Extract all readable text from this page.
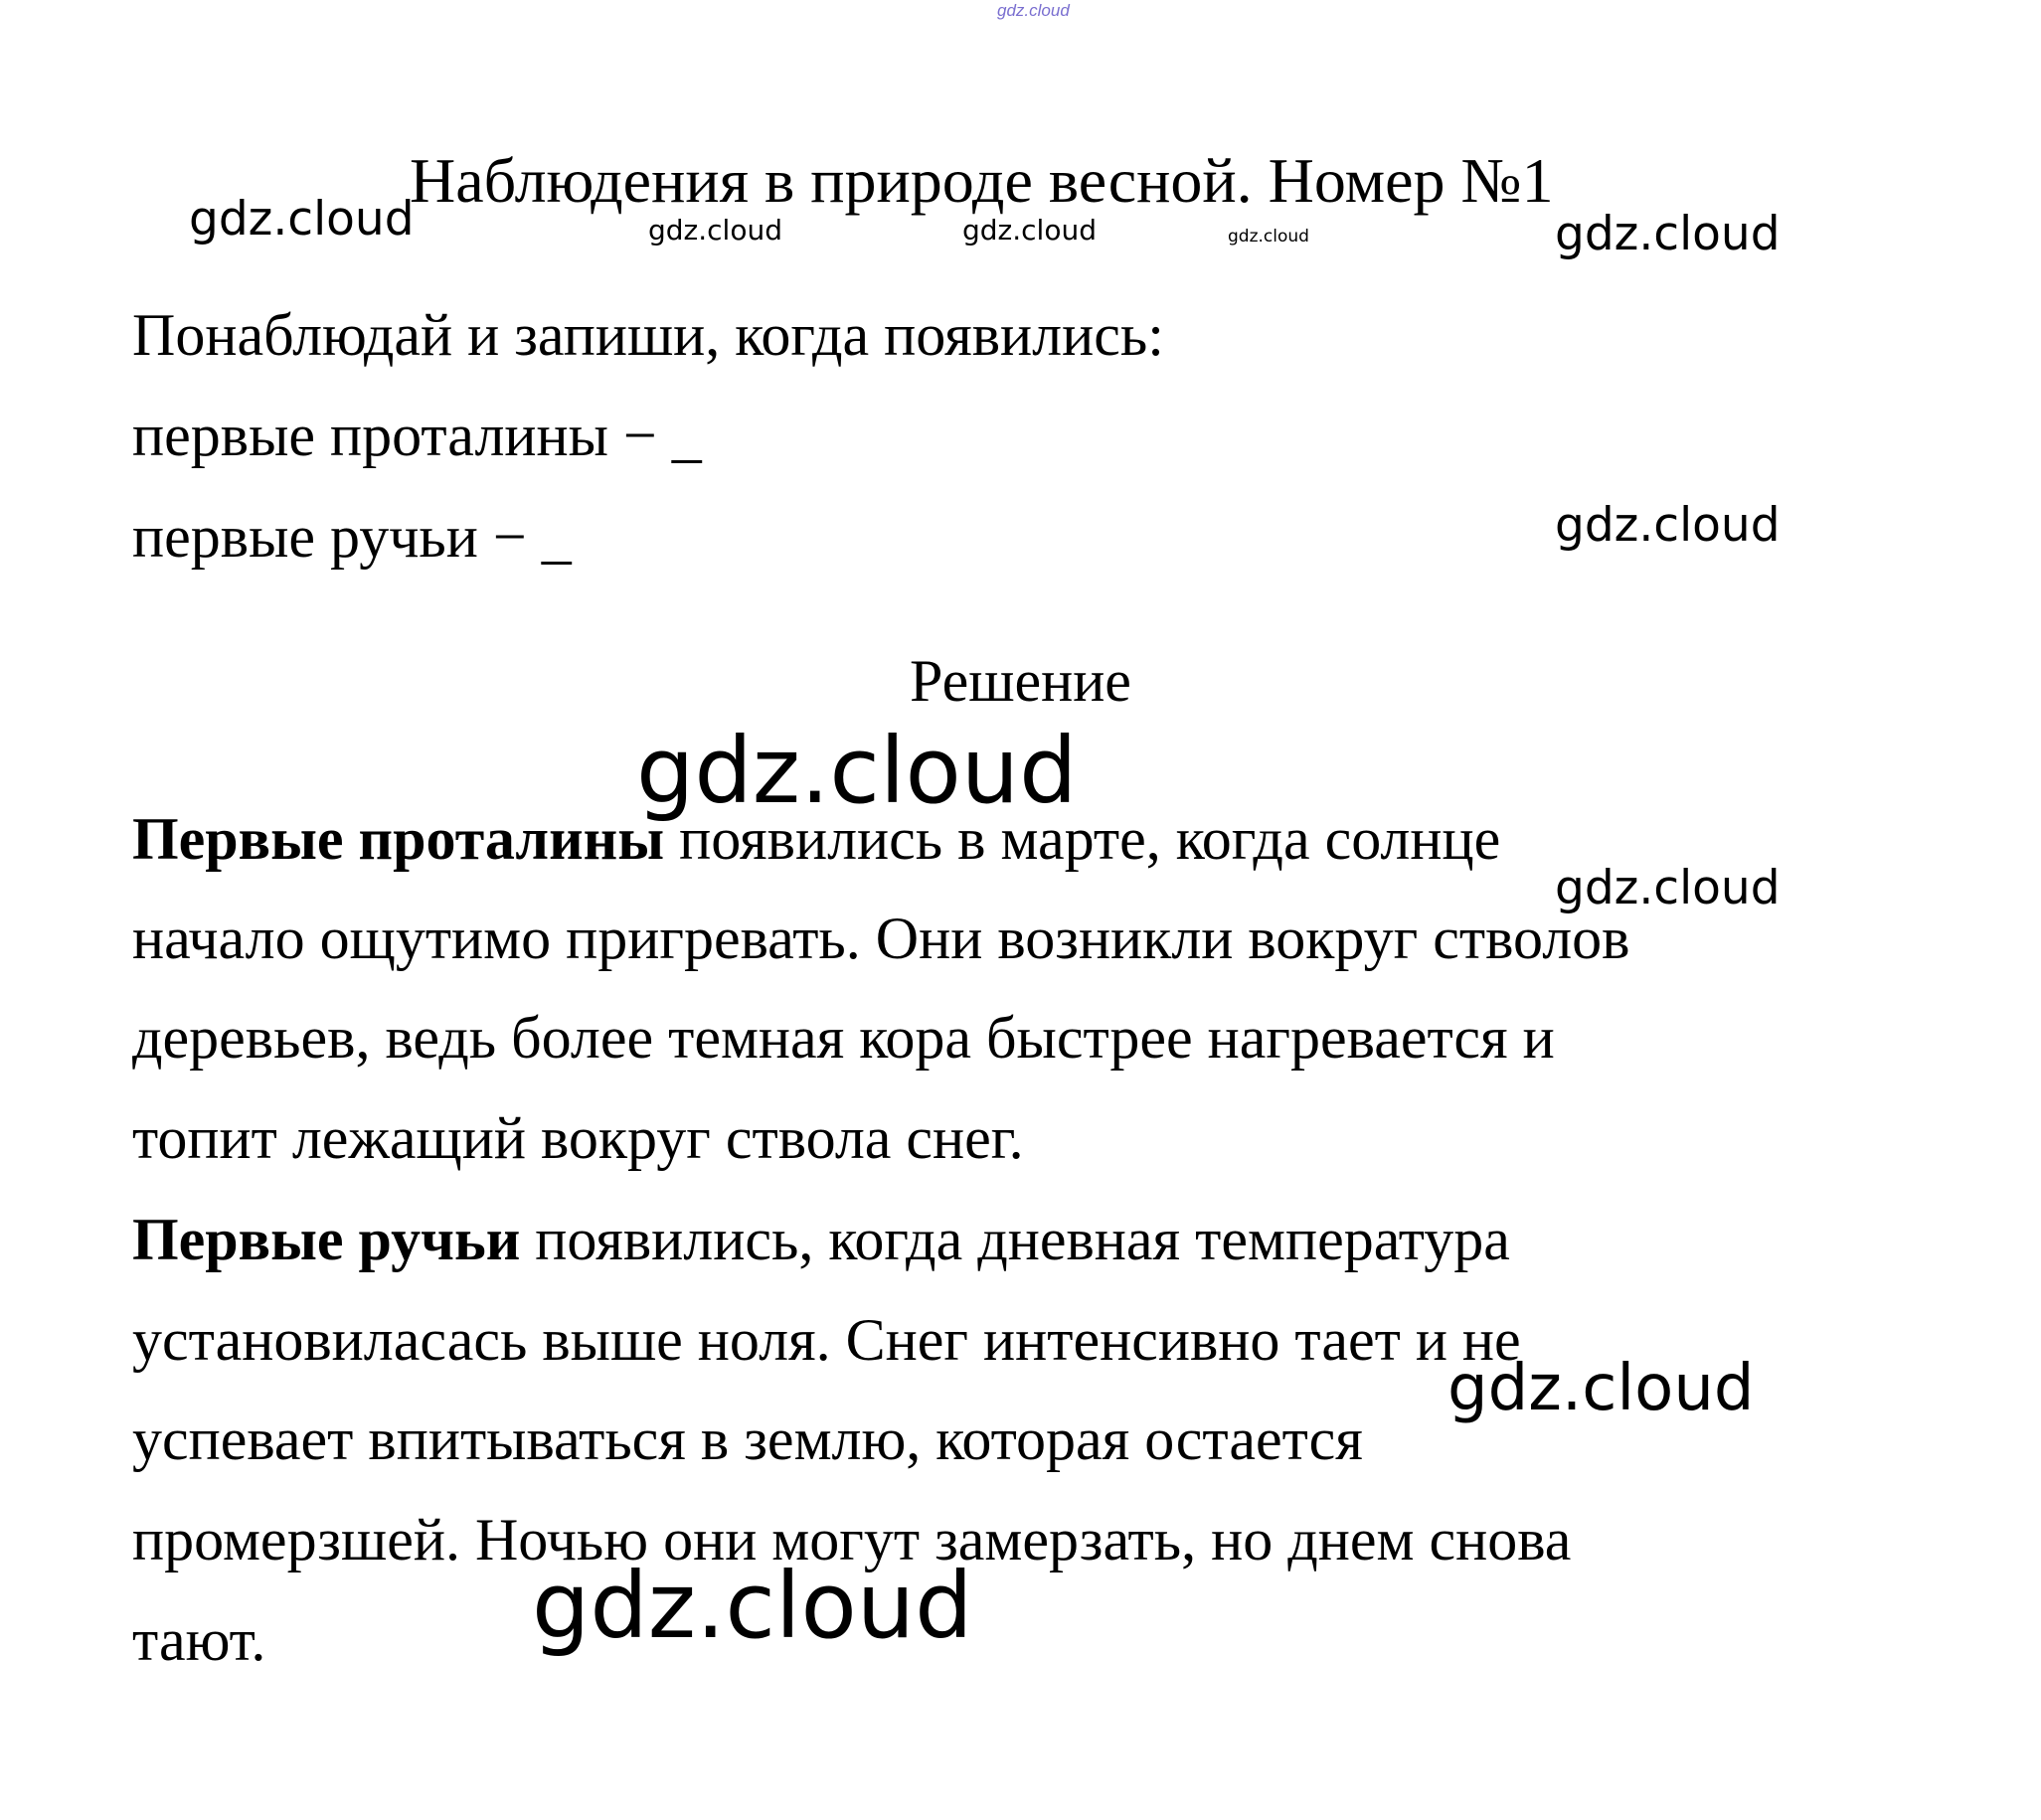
gdz.cloud
Наблюдения в природе весной. Номер №1
gdz.cloud	gdz.cloud	gdz.cloud	gdz.cloud	gdz.cloud
Понаблюдай и запиши, когда появились:
первые проталины − _
первые ручьи − _	gdz.cloud
Решение
gdz.cloud
Первые проталины появились в марте, когда солнце
gdz.cloud
начало ощутимо пригревать. Они возникли вокруг стволов
деревьев, ведь более темная кора быстрее нагревается и
топит лежащий вокруг ствола снег.
Первые ручьи появились, когда дневная температура
установиласась выше ноля. Снег интенсивно тает и не
gdz.cloud
успевает впитываться в землю, которая остается
промерзшей. Ночью они могут замерзать, но днем снова
gdz.cloud
тают.
